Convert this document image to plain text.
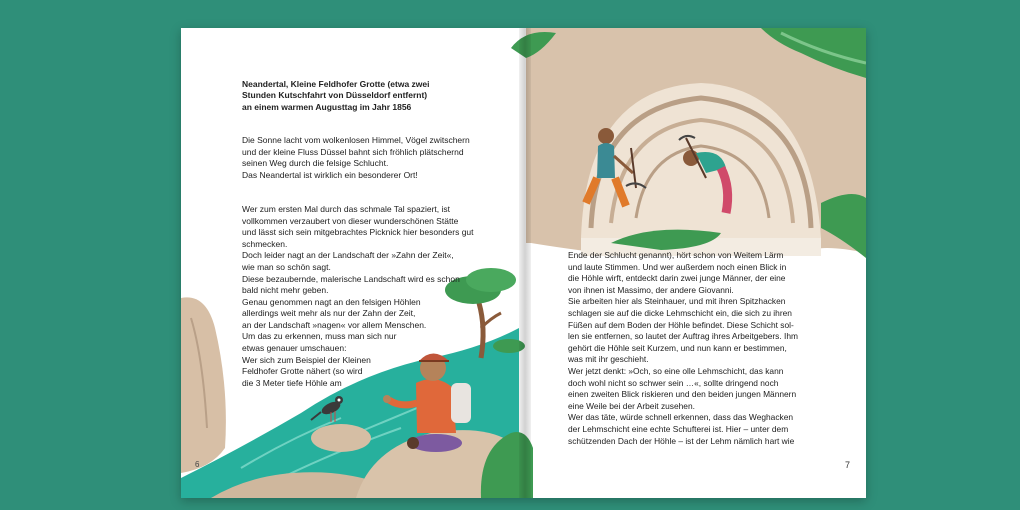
Neandertal, Kleine Feldhofer Grotte (etwa zwei
Stunden Kutschfahrt von Düsseldorf entfernt)
an einem warmen Augusttag im Jahr 1856

Die Sonne lacht vom wolkenlosen Himmel, Vögel zwitschern
und der kleine Fluss Düssel bahnt sich fröhlich plätschernd
seinen Weg durch die felsige Schlucht.
Das Neandertal ist wirklich ein besonderer Ort!

Wer zum ersten Mal durch das schmale Tal spaziert, ist
vollkommen verzaubert von dieser wunderschönen Stätte
und lässt sich sein mitgebrachtes Picknick hier besonders gut
schmecken.
Doch leider nagt an der Landschaft der »Zahn der Zeit«,
wie man so schön sagt.
Diese bezaubernde, malerische Landschaft wird es schon
bald nicht mehr geben.
Genau genommen nagt an den felsigen Höhlen
allerdings weit mehr als nur der Zahn der Zeit,
an der Landschaft »nagen« vor allem Menschen.
Um das zu erkennen, muss man sich nur
etwas genauer umschauen:
Wer sich zum Beispiel der Kleinen
Feldhofer Grotte nähert (so wird
die 3 Meter tiefe Höhle am

6
Ende der Schlucht genannt), hört schon von Weitem Lärm
und laute Stimmen. Und wer außerdem noch einen Blick in
die Höhle wirft, entdeckt darin zwei junge Männer, der eine
von ihnen ist Massimo, der andere Giovanni.
Sie arbeiten hier als Steinhauer, und mit ihren Spitzhacken
schlagen sie auf die dicke Lehmschicht ein, die sich zu ihren
Füßen auf dem Boden der Höhle befindet. Diese Schicht sol-
len sie entfernen, so lautet der Auftrag ihres Arbeitgebers. Ihm
gehört die Höhle seit Kurzem, und nun kann er bestimmen,
was mit ihr geschieht.
Wer jetzt denkt: »Och, so eine olle Lehmschicht, das kann
doch wohl nicht so schwer sein …«, sollte dringend noch
einen zweiten Blick riskieren und den beiden jungen Männern
eine Weile bei der Arbeit zusehen.
Wer das täte, würde schnell erkennen, dass das Weghacken
der Lehmschicht eine echte Schufterei ist. Hier – unter dem
schützenden Dach der Höhle – ist der Lehm nämlich hart wie
7
